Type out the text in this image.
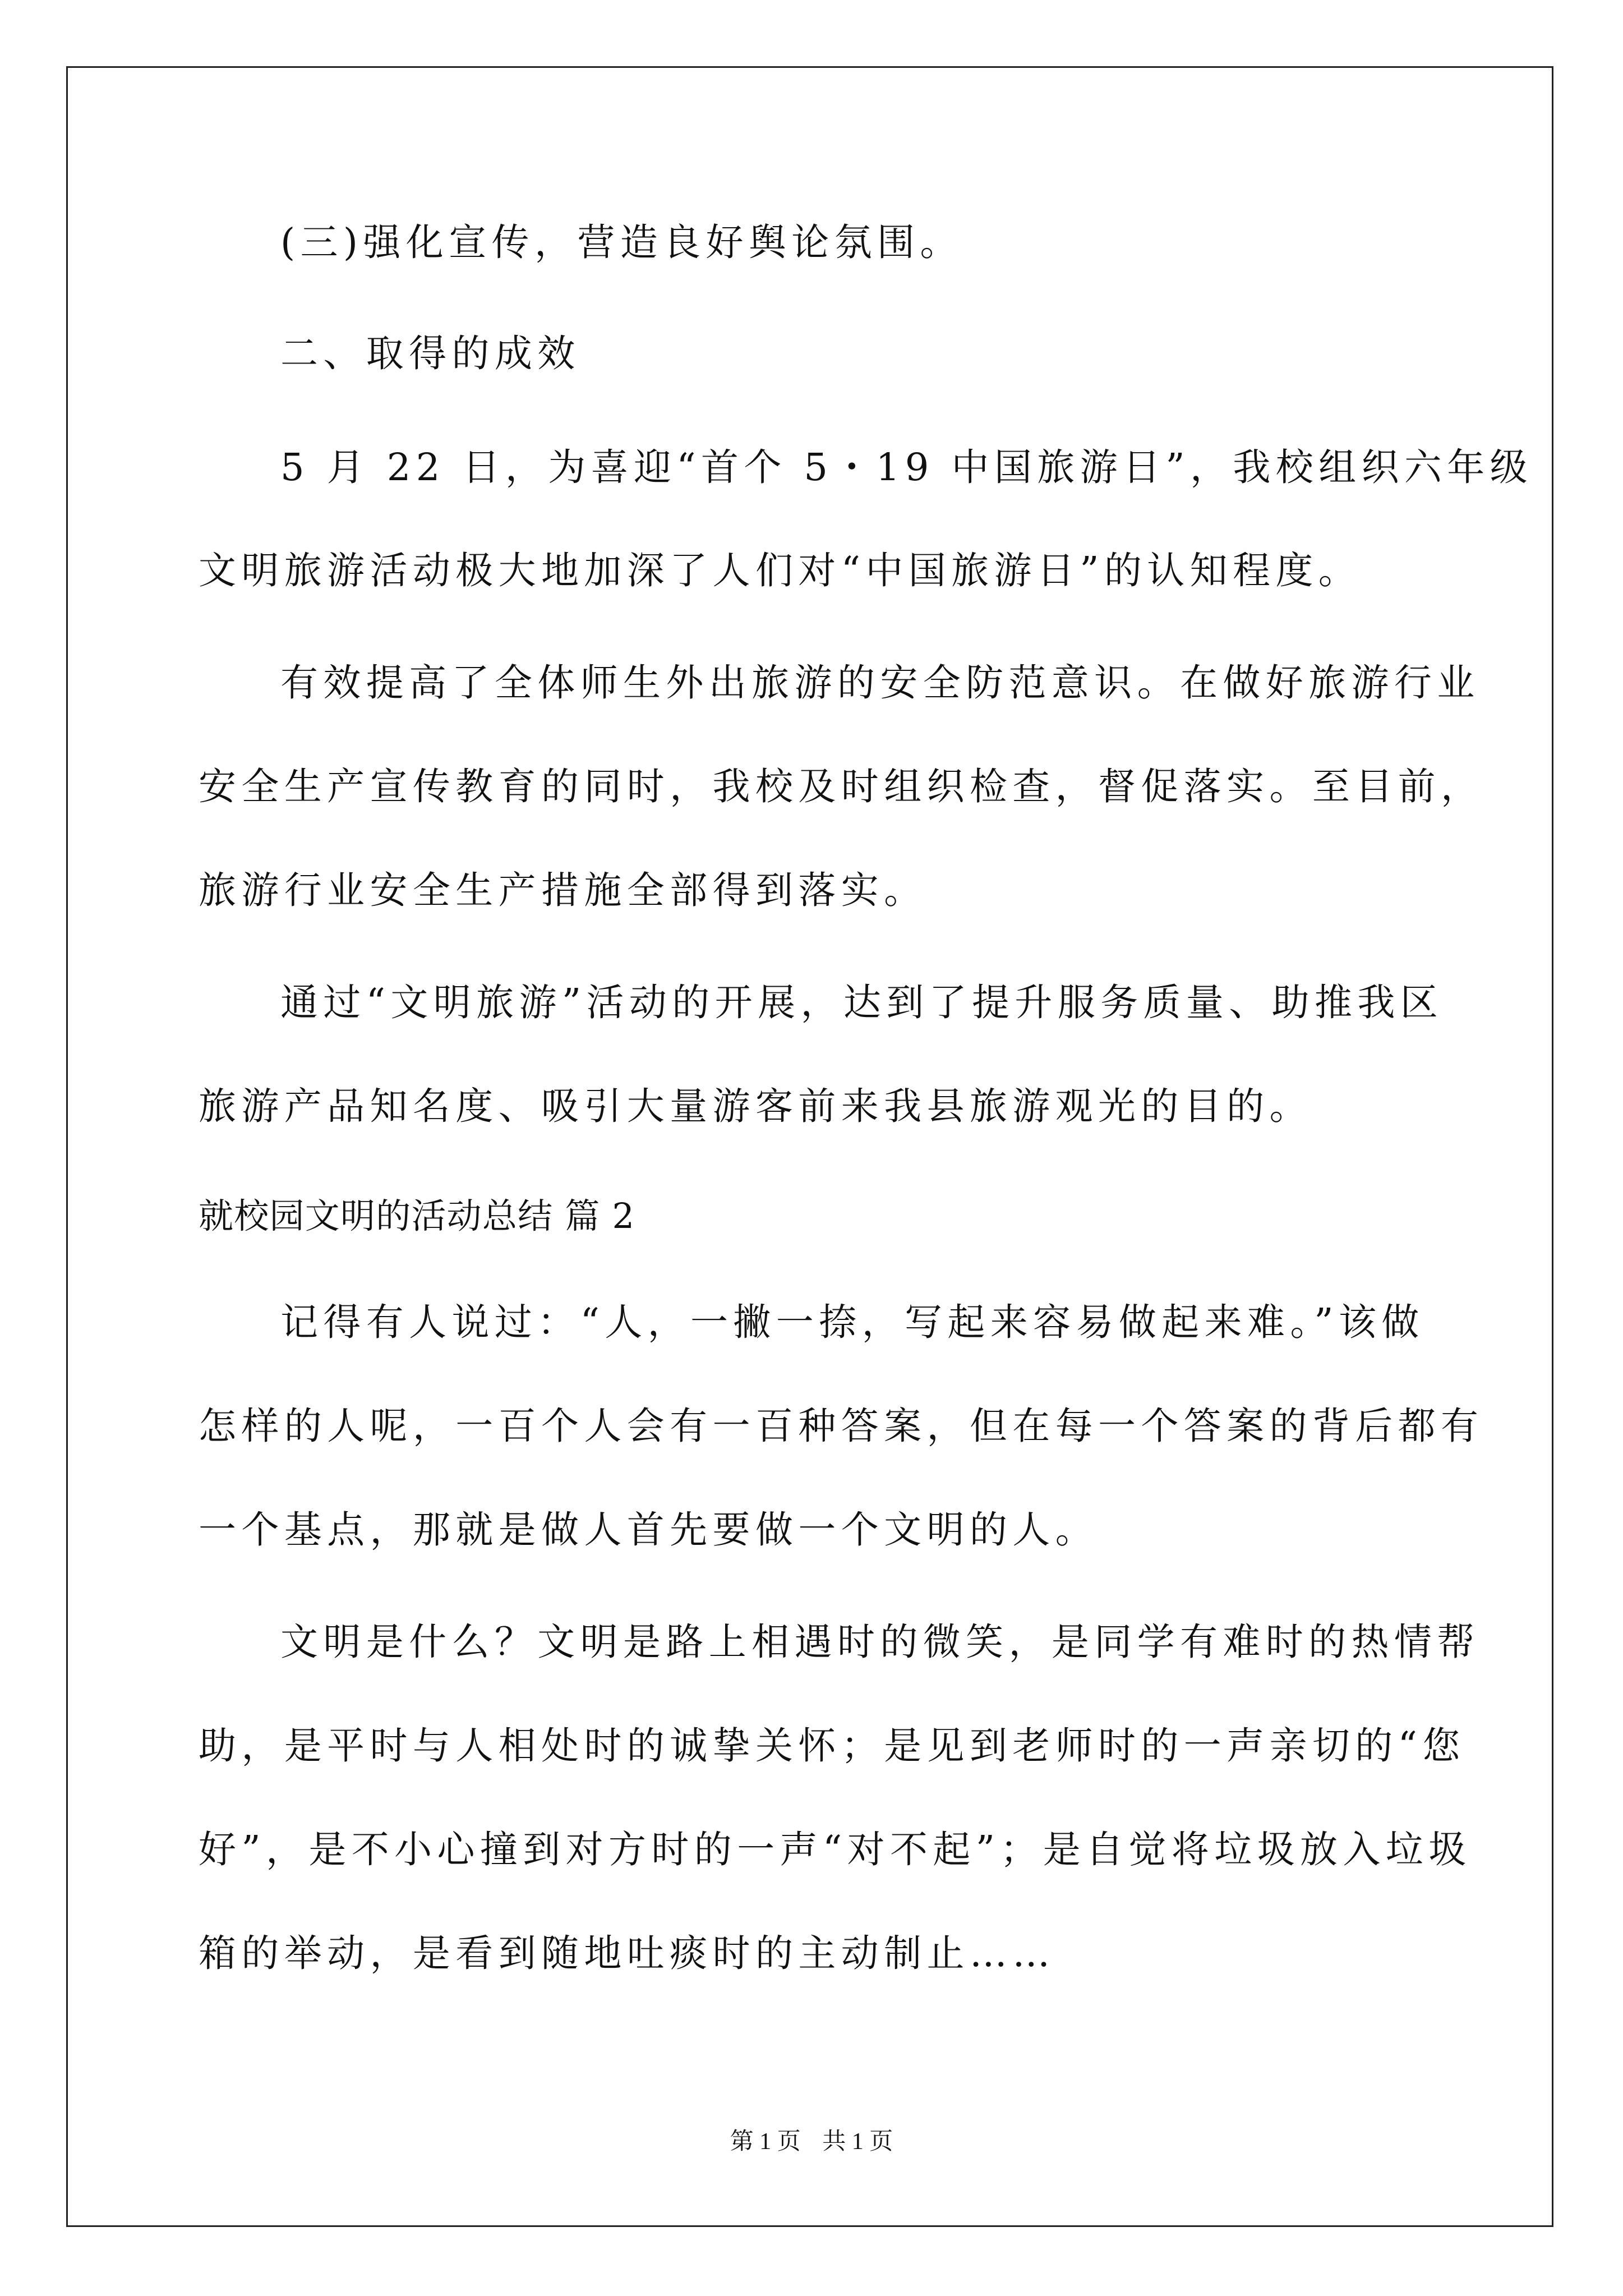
(三)强化宣传，营造良好舆论氛围。
二、取得的成效
5 月 22 日，为喜迎“首个 5・19 中国旅游日”，我校组织六年级
文明旅游活动极大地加深了人们对“中国旅游日”的认知程度。
有效提高了全体师生外出旅游的安全防范意识。在做好旅游行业
安全生产宣传教育的同时，我校及时组织检查，督促落实。至目前，
旅游行业安全生产措施全部得到落实。
通过“文明旅游”活动的开展，达到了提升服务质量、助推我区
旅游产品知名度、吸引大量游客前来我县旅游观光的目的。
就校园文明的活动总结 篇 2
记得有人说过：“人，一撇一捺，写起来容易做起来难。”该做
怎样的人呢，一百个人会有一百种答案，但在每一个答案的背后都有
一个基点，那就是做人首先要做一个文明的人。
文明是什么？文明是路上相遇时的微笑，是同学有难时的热情帮
助，是平时与人相处时的诚挚关怀；是见到老师时的一声亲切的“您
好”，是不小心撞到对方时的一声“对不起”；是自觉将垃圾放入垃圾
箱的举动，是看到随地吐痰时的主动制止……
第 1 页 共 1 页
